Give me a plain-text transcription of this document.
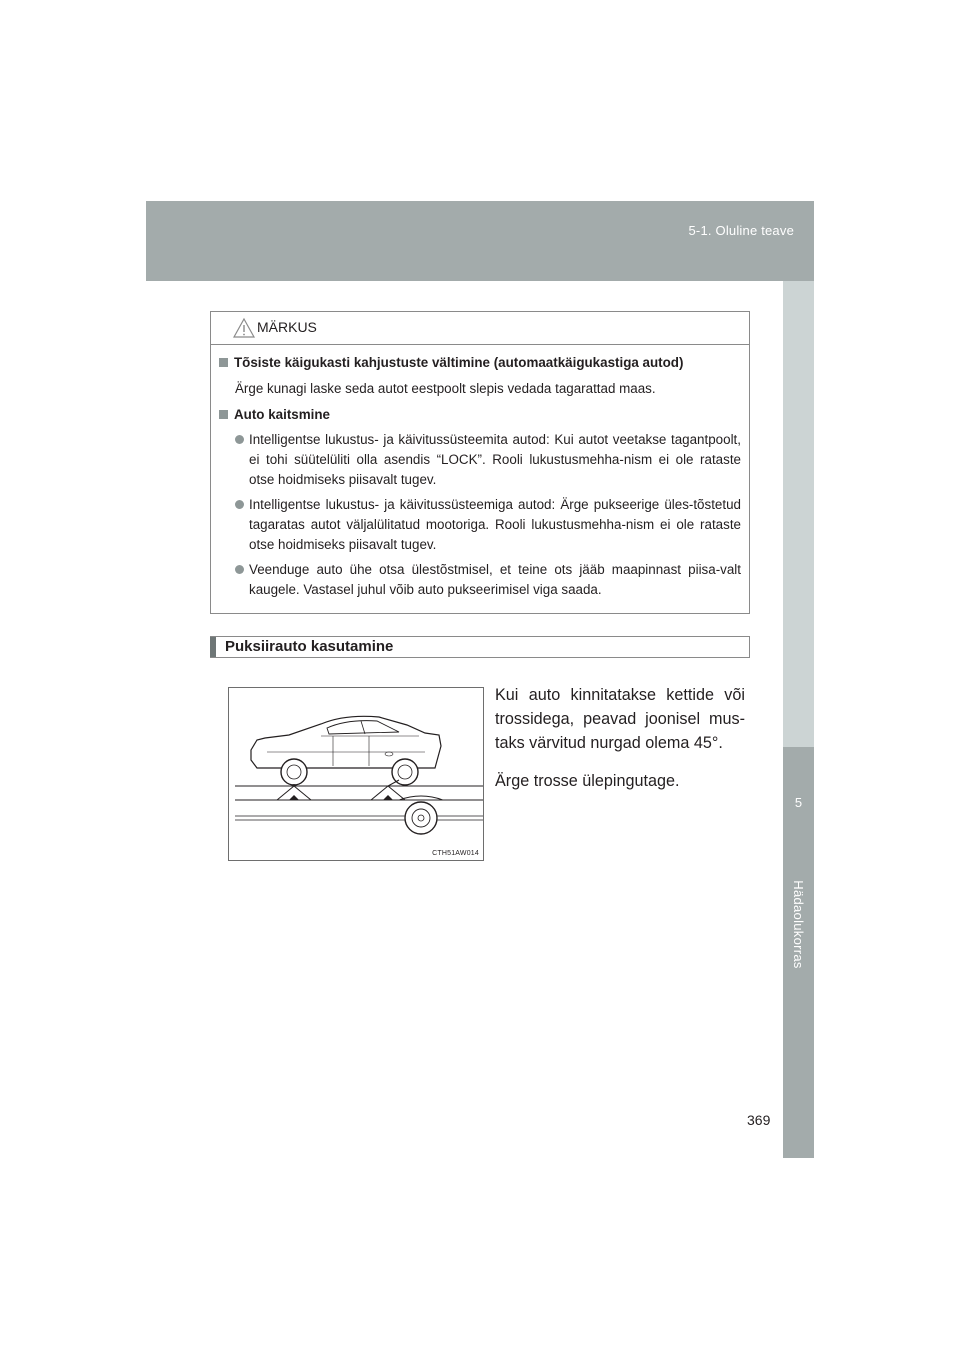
5-1. Oluline teave
5
Hädaolukorras
MÄRKUS
Tõsiste käigukasti kahjustuste vältimine (automaatkäigukastiga autod)
Ärge kunagi laske seda autot eestpoolt slepis vedada tagarattad maas.
Auto kaitsmine
Intelligentse lukustus- ja käivitussüsteemita autod: Kui autot veetakse tagantpoolt, ei tohi süütelüliti olla asendis “LOCK”. Rooli lukustusmehha-nism ei ole rataste otse hoidmiseks piisavalt tugev.
Intelligentse lukustus- ja käivitussüsteemiga autod: Ärge pukseerige üles-tõstetud tagaratas autot väljalülitatud mootoriga. Rooli lukustusmehha-nism ei ole rataste otse hoidmiseks piisavalt tugev.
Veenduge auto ühe otsa ülestõstmisel, et teine ots jääb maapinnast piisa-valt kaugele. Vastasel juhul võib auto pukseerimisel viga saada.
Puksiirauto kasutamine
CTH51AW014

Kui auto kinnitatakse kettide või trossidega, peavad joonisel mus-taks värvitud nurgad olema 45°.

Ärge trosse ülepingutage.

369
